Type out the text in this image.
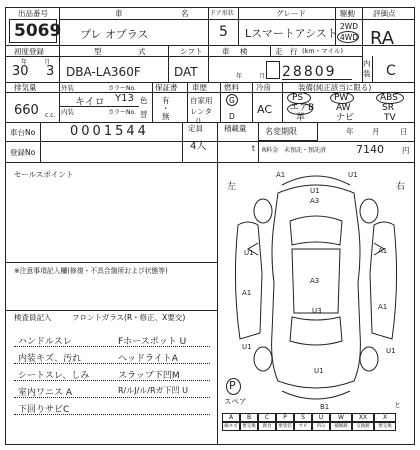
出品番号
5069
車	名
プレ オプラス
ドア形状
5
グレード
Lスマートアシスト
駆動
2WD
4WD
評価点
RA
初度登録
年	月
30 3
型	式
DBA-LA360F
シフト
DAT
車 検
年	月
走 行 (km・マイル)
28809
内
装 C
排気量
660 c.c.
外装
キイロ
内装
カラーNo.
Y13
カラーNo.
色
替
保証書
有
・
無
車歴
自家用
レンタ
()
燃料
G
D
冷房
AC
装備(純正該当に限る)
PS	PW	ABS
エアB AW	SR
革	ナビ	TV
車台No	0001544
登録No
定員
4人
積載量
t
名変期限	年 月	日
R料金 未預託・預託済	7140 円
セールスポイント
※注意事項記入欄(修復・不具合箇所および状態等)
検査員記入	フロントガラス(R・修正、X要交)
ハンドルスレ
内装キズ、汚れ
シートスレ、しみ
室内ワニス A
下回りサビC
Fホースポット U
ヘッドライトA
スラップ下凹M
R/ルJ/ル/Rガ下凹 U
左	右
A1
U1
A3
U1
A1
A1
A3
U3	A1
U1
U1
U1
U1
B1	ヒ
P
スペア
A	B	C	P	S	U	W	XX	X
線キズ	要交換	腐食	要塗装	サビ	凹み	補修跡	交換跡	要交換
